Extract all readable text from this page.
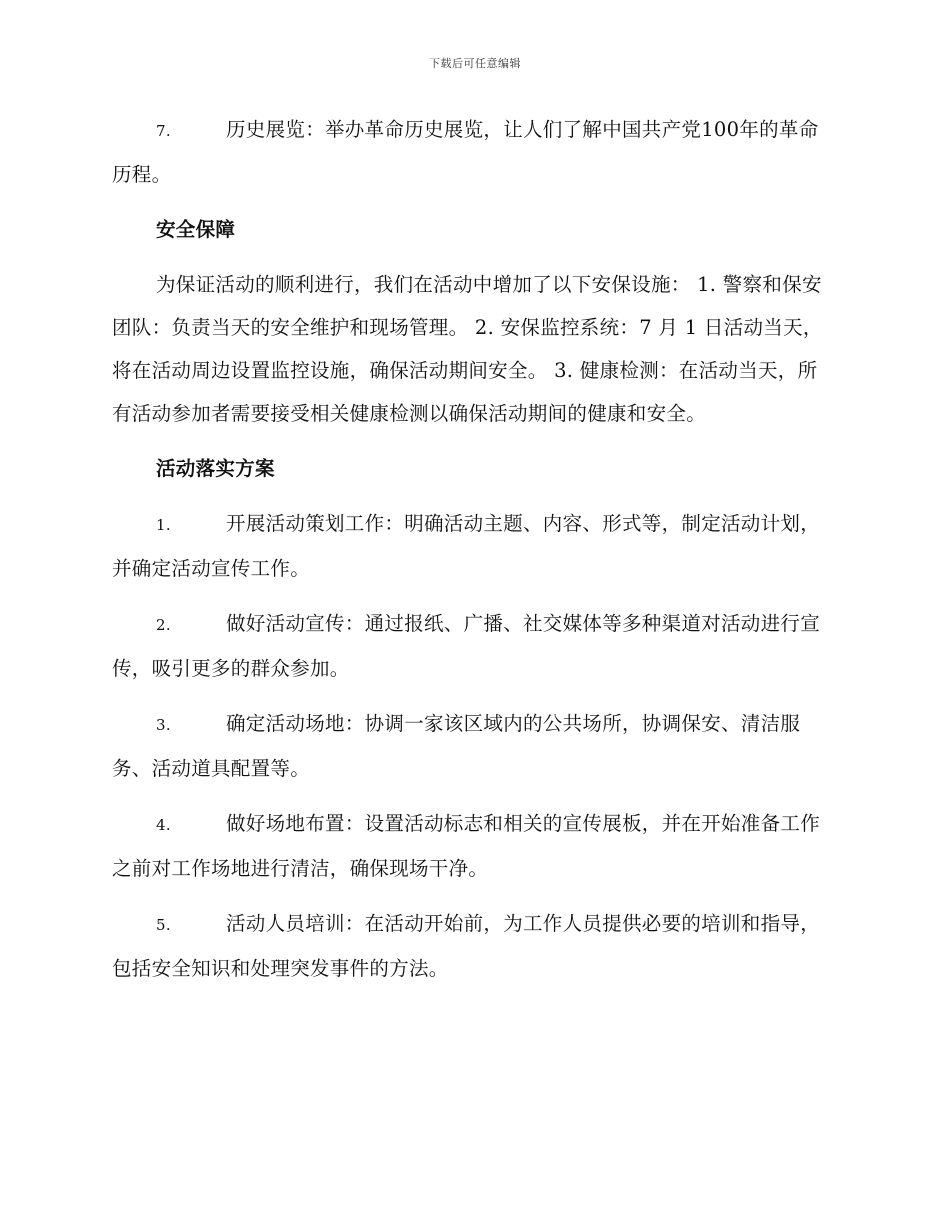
下载后可任意编辑

7.	历史展览：举办革命历史展览，让人们了解中国共产党100年的革命历程。

安全保障

为保证活动的顺利进行，我们在活动中增加了以下安保设施： 1. 警察和保安团队：负责当天的安全维护和现场管理。 2. 安保监控系统：7 月 1 日活动当天，将在活动周边设置监控设施，确保活动期间安全。 3. 健康检测：在活动当天，所有活动参加者需要接受相关健康检测以确保活动期间的健康和安全。

活动落实方案

1.	开展活动策划工作：明确活动主题、内容、形式等，制定活动计划，并确定活动宣传工作。

2.	做好活动宣传：通过报纸、广播、社交媒体等多种渠道对活动进行宣传，吸引更多的群众参加。

3.	确定活动场地：协调一家该区域内的公共场所，协调保安、清洁服务、活动道具配置等。

4.	做好场地布置：设置活动标志和相关的宣传展板，并在开始准备工作之前对工作场地进行清洁，确保现场干净。

5.	活动人员培训：在活动开始前，为工作人员提供必要的培训和指导，包括安全知识和处理突发事件的方法。
